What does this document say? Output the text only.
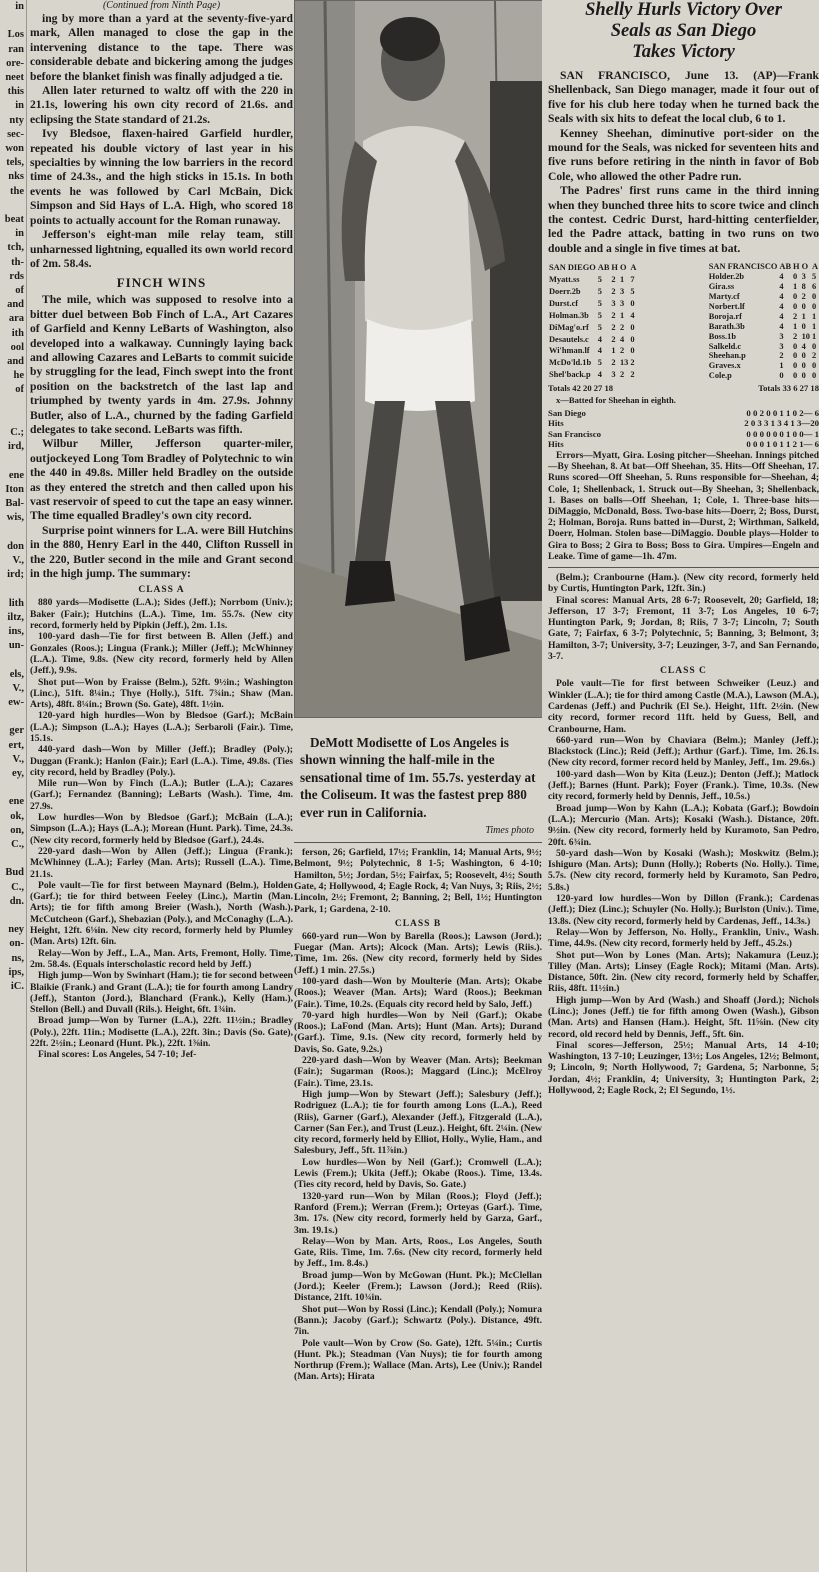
in

Los
ran
ore-
neet
this
in
nty
sec-
won
tels,
nks
the

beat
in
tch,
th-
rds
of
and
ara
ith
ool
and
he
of

C.;
ird,

ene
Iton
Bal-
wis,

don
V.,
ird;

lith
iltz,
ins,
un-

els,
V.,
ew-

ger
ert,
V.,
ey,

ene
ok,
on,
C.,

Bud
C.,
dn.

ney
on-
ns,
ips,
iC.
(Continued from Ninth Page)

ing by more than a yard at the seventy-five-yard mark, Allen managed to close the gap in the intervening distance to the tape. There was considerable debate and bickering among the judges before the blanket finish was finally adjudged a tie.

Allen later returned to waltz off with the 220 in 21.1s, lowering his own city record of 21.6s. and eclipsing the State standard of 21.2s.

Ivy Bledsoe, flaxen-haired Garfield hurdler, repeated his double victory of last year in his specialties by winning the low barriers in the record time of 24.3s., and the high sticks in 15.1s. In both events he was followed by Carl McBain, Dick Simpson and Sid Hays of L.A. High, who scored 18 points to actually account for the Roman runaway.

Jefferson's eight-man mile relay team, still unharnessed lightning, equalled its own world record of 2m. 58.4s.

FINCH WINS

The mile, which was supposed to resolve into a bitter duel between Bob Finch of L.A., Art Cazares of Garfield and Kenny LeBarts of Washington, also developed into a walkaway. Cunningly laying back and allowing Cazares and LeBarts to commit suicide by struggling for the lead, Finch swept into the front position on the backstretch of the last lap and triumphed by twenty yards in 4m. 27.9s. Johnny Butler, also of L.A., churned by the fading Garfield delegates to take second. LeBarts was fifth.

Wilbur Miller, Jefferson quarter-miler, outjockeyed Long Tom Bradley of Polytechnic to win the 440 in 49.8s. Miller held Bradley on the outside as they entered the stretch and then called upon his vast reservoir of speed to cut the tape an easy winner. The time equalled Bradley's own city record.

Surprise point winners for L.A. were Bill Hutchins in the 880, Henry Earl in the 440, Clifton Russell in the 220, Butler second in the mile and Grant second in the high jump. The summary:

CLASS A

880 yards—Modisette (L.A.); Sides (Jeff.); Norrbom (Univ.); Baker (Fair.); Hutchins (L.A.). Time, 1m. 55.7s. (New city record, formerly held by Pipkin (Jeff.), 2m. 1.1s.

100-yard dash—Tie for first between B. Allen (Jeff.) and Gonzales (Roos.); Lingua (Frank.); Miller (Jeff.); McWhinney (L.A.). Time, 9.8s. (New city record, formerly held by Allen (Jeff.), 9.9s.

Shot put—Won by Fraisse (Belm.), 52ft. 9½in.; Washington (Linc.), 51ft. 8¼in.; Thye (Holly.), 51ft. 7¾in.; Shaw (Man. Arts), 48ft. 8¼in.; Brown (So. Gate), 48ft. 1½in.

120-yard high hurdles—Won by Bledsoe (Garf.); McBain (L.A.); Simpson (L.A.); Hayes (L.A.); Serbaroli (Fair.). Time, 15.1s.

440-yard dash—Won by Miller (Jeff.); Bradley (Poly.); Duggan (Frank.); Hanlon (Fair.); Earl (L.A.). Time, 49.8s. (Ties city record, held by Bradley (Poly.).

Mile run—Won by Finch (L.A.); Butler (L.A.); Cazares (Garf.); Fernandez (Banning); LeBarts (Wash.). Time, 4m. 27.9s.

Low hurdles—Won by Bledsoe (Garf.); McBain (L.A.); Simpson (L.A.); Hays (L.A.); Morean (Hunt. Park). Time, 24.3s. (New city record, formerly held by Bledsoe (Garf.), 24.4s.

220-yard dash—Won by Allen (Jeff.); Lingua (Frank.); McWhinney (L.A.); Farley (Man. Arts); Russell (L.A.). Time, 21.1s.

Pole vault—Tie for first between Maynard (Belm.), Holden (Garf.); tie for third between Feeley (Linc.), Martin (Man. Arts); tie for fifth among Breier (Wash.), North (Wash.), McCutcheon (Garf.), Shebazian (Poly.), and McConaghy (L.A.). Height, 12ft. 6⅛in. New city record, formerly held by Plumley (Man. Arts) 12ft. 6in.

Relay—Won by Jeff., L.A., Man. Arts, Fremont, Holly. Time, 2m. 58.4s. (Equals interscholastic record held by Jeff.)

High jump—Won by Swinhart (Ham.); tie for second between Blaikie (Frank.) and Grant (L.A.); tie for fourth among Landry (Jeff.), Stanton (Jord.), Blanchard (Frank.), Kelly (Ham.), Stellon (Bell.) and Duvall (Rils.). Height, 6ft. 1¾in.

Broad jump—Won by Turner (L.A.), 22ft. 11½in.; Bradley (Poly.), 22ft. 11in.; Modisette (L.A.), 22ft. 3in.; Davis (So. Gate), 22ft. 2½in.; Leonard (Hunt. Pk.), 22ft. 1⅜in.

Final scores: Los Angeles, 54 7-10; Jef-

DeMott Modisette of Los Angeles is shown winning the half-mile in the sensational time of 1m. 55.7s. yesterday at the Coliseum. It was the fastest prep 880 ever run in California.
Times photo

ferson, 26; Garfield, 17½; Franklin, 14; Manual Arts, 9½; Belmont, 9½; Polytechnic, 8 1-5; Washington, 6 4-10; Hamilton, 5½; Jordan, 5½; Fairfax, 5; Roosevelt, 4½; South Gate, 4; Hollywood, 4; Eagle Rock, 4; Van Nuys, 3; Riis, 2½; Lincoln, 2½; Fremont, 2; Banning, 2; Bell, 1½; Huntington Park, 1; Gardena, 2-10.

CLASS B

660-yard run—Won by Barella (Roos.); Lawson (Jord.); Fuegar (Man. Arts); Alcock (Man. Arts); Lewis (Riis.). Time, 1m. 26s. (New city record, formerly held by Sides (Jeff.) 1 min. 27.5s.)

100-yard dash—Won by Moulterie (Man. Arts); Okabe (Roos.); Weaver (Man. Arts); Ward (Roos.); Beekman (Fair.). Time, 10.2s. (Equals city record held by Salo, Jeff.)

70-yard high hurdles—Won by Neil (Garf.); Okabe (Roos.); LaFond (Man. Arts); Hunt (Man. Arts); Durand (Garf.). Time, 9.1s. (New city record, formerly held by Davis, So. Gate, 9.2s.)

220-yard dash—Won by Weaver (Man. Arts); Beekman (Fair.); Sugarman (Roos.); Maggard (Linc.); McElroy (Fair.). Time, 23.1s.

High jump—Won by Stewart (Jeff.); Salesbury (Jeff.); Rodriguez (L.A.); tie for fourth among Lons (L.A.), Reed (Riis), Garner (Garf.), Alexander (Jeff.), Fitzgerald (L.A.), Carner (San Fer.), and Trust (Leuz.). Height, 6ft. 2¼in. (New city record, formerly held by Elliot, Holly., Wylie, Ham., and Salesbury, Jeff., 5ft. 11⅞in.)

Low hurdles—Won by Neil (Garf.); Cromwell (L.A.); Lewis (Frem.); Ukita (Jeff.); Okabe (Roos.). Time, 13.4s. (Ties city record, held by Davis, So. Gate.)

1320-yard run—Won by Milan (Roos.); Floyd (Jeff.); Ranford (Frem.); Werran (Frem.); Orteyas (Garf.). Time, 3m. 17s. (New city record, formerly held by Garza, Garf., 3m. 19.1s.)

Relay—Won by Man. Arts, Roos., Los Angeles, South Gate, Riis. Time, 1m. 7.6s. (New city record, formerly held by Jeff., 1m. 8.4s.)

Broad jump—Won by McGowan (Hunt. Pk.); McClellan (Jord.); Keeler (Frem.); Lawson (Jord.); Reed (Riis). Distance, 21ft. 10¾in.

Shot put—Won by Rossi (Linc.); Kendall (Poly.); Nomura (Bann.); Jacoby (Garf.); Schwartz (Poly.). Distance, 49ft. 7in.

Pole vault—Won by Crow (So. Gate), 12ft. 5¼in.; Curtis (Hunt. Pk.); Steadman (Van Nuys); tie for fourth among Northrup (Frem.); Wallace (Man. Arts), Lee (Univ.); Randel (Man. Arts); Hirata

Shelly Hurls Victory Over
Seals as San Diego
Takes Victory

SAN FRANCISCO, June 13. (AP)—Frank Shellenback, San Diego manager, made it four out of five for his club here today when he turned back the Seals with six hits to defeat the local club, 6 to 1.

Kenney Sheehan, diminutive port-sider on the mound for the Seals, was nicked for seventeen hits and five runs before retiring in the ninth in favor of Bob Cole, who allowed the other Padre run.

The Padres' first runs came in the third inning when they bunched three hits to score twice and clinch the contest. Cedric Durst, hard-hitting centerfielder, led the Padre attack, batting in two runs on two double and a single in five times at bat.

SAN DIEGO	AB	H	O	A
Myatt.ss	5	2	1	7
Doerr.2b	5	2	3	5
Durst.cf	5	3	3	0
Holman.3b	5	2	1	4
DiMag'o.rf	5	2	2	0
Desautels.c	4	2	4	0
Wi'hman.lf	4	1	2	0
McDo'ld.1b	5	2	13	2
Shel'back.p	4	3	2	2
SAN FRANCISCO	AB	H	O	A
Holder.2b	4	0	3	5
Gira.ss	4	1	8	6
Marty.cf	4	0	2	0
Norbert.lf	4	0	0	0
Boroja.rf	4	2	1	1
Barath.3b	4	1	0	1
Boss.1b	3	2	10	1
Salkeld.c	3	0	4	0
Sheehan.p	2	0	0	2
Graves.x	1	0	0	0
Cole.p	0	0	0	0
Totals 42 20 27 18	Totals 33 6 27 18
x—Batted for Sheehan in eighth.
San Diego	0 0 2 0 0 1 1 0 2— 6
Hits	2 0 3 3 1 3 4 1 3—20
San Francisco	0 0 0 0 0 0 1 0 0— 1
Hits	0 0 0 1 0 1 1 2 1— 6

Errors—Myatt, Gira. Losing pitcher—Sheehan. Innings pitched—By Sheehan, 8. At bat—Off Sheehan, 35. Hits—Off Sheehan, 17. Runs scored—Off Sheehan, 5. Runs responsible for—Sheehan, 4; Cole, 1; Shellenback, 1. Struck out—By Sheehan, 3; Shellenback, 1. Bases on balls—Off Sheehan, 1; Cole, 1. Three-base hits—DiMaggio, McDonald, Boss. Two-base hits—Doerr, 2; Boss, Durst, 2; Holman, Boroja. Runs batted in—Durst, 2; Wirthman, Salkeld, Doerr, Holman. Stolen base—DiMaggio. Double plays—Holder to Gira to Boss; 2 Gira to Boss; Boss to Gira. Umpires—Engeln and Leake. Time of game—1h. 47m.

(Belm.); Cranbourne (Ham.). (New city record, formerly held by Curtis, Huntington Park, 12ft. 3in.)

Final scores: Manual Arts, 28 6-7; Roosevelt, 20; Garfield, 18; Jefferson, 17 3-7; Fremont, 11 3-7; Los Angeles, 10 6-7; Huntington Park, 9; Jordan, 8; Riis, 7 3-7; Lincoln, 7; South Gate, 7; Fairfax, 6 3-7; Polytechnic, 5; Banning, 3; Belmont, 3; Hamilton, 3-7; University, 3-7; Leuzinger, 3-7, and San Fernando, 3-7.

CLASS C

Pole vault—Tie for first between Schweiker (Leuz.) and Winkler (L.A.); tie for third among Castle (M.A.), Lawson (M.A.), Cardenas (Jeff.) and Puchrik (El Se.). Height, 11ft. 2½in. (New city record, former record 11ft. held by Guess, Bell, and Cranbourne, Ham.

660-yard run—Won by Chaviara (Belm.); Manley (Jeff.); Blackstock (Linc.); Reid (Jeff.); Arthur (Garf.). Time, 1m. 26.1s. (New city record, former record held by Manley, Jeff., 1m. 29.6s.)

100-yard dash—Won by Kita (Leuz.); Denton (Jeff.); Matlock (Jeff.); Barnes (Hunt. Park); Foyer (Frank.). Time, 10.3s. (New city record, formerly held by Dennis, Jeff., 10.5s.)

Broad jump—Won by Kahn (L.A.); Kobata (Garf.); Bowdoin (L.A.); Mercurio (Man. Arts); Kosaki (Wash.). Distance, 20ft. 9½in. (New city record, formerly held by Kuramoto, San Pedro, 20ft. 6¾in.

50-yard dash—Won by Kosaki (Wash.); Moskwitz (Belm.); Ishiguro (Man. Arts); Dunn (Holly.); Roberts (No. Holly.). Time, 5.7s. (New city record, formerly held by Kuramoto, San Pedro, 5.8s.)

120-yard low hurdles—Won by Dillon (Frank.); Cardenas (Jeff.); Diez (Linc.); Schuyler (No. Holly.); Burlston (Univ.). Time, 13.8s. (New city record, formerly held by Cardenas, Jeff., 14.3s.)

Relay—Won by Jefferson, No. Holly., Franklin, Univ., Wash. Time, 44.9s. (New city record, formerly held by Jeff., 45.2s.)

Shot put—Won by Lones (Man. Arts); Nakamura (Leuz.); Tilley (Man. Arts); Linsey (Eagle Rock); Mitami (Man. Arts). Distance, 50ft. 2in. (New city record, formerly held by Schaffer, Riis, 48ft. 11½in.)

High jump—Won by Ard (Wash.) and Shoaff (Jord.); Nichols (Linc.); Jones (Jeff.) tie for fifth among Owen (Wash.), Gibson (Man. Arts) and Hansen (Ham.). Height, 5ft. 11⅝in. (New city record, old record held by Dennis, Jeff., 5ft. 6in.

Final scores—Jefferson, 25½; Manual Arts, 14 4-10; Washington, 13 7-10; Leuzinger, 13½; Los Angeles, 12½; Belmont, 9; Lincoln, 9; North Hollywood, 7; Gardena, 5; Narbonne, 5; Jordan, 4½; Franklin, 4; University, 3; Huntington Park, 2; Hollywood, 2; Eagle Rock, 2; El Segundo, 1½.
